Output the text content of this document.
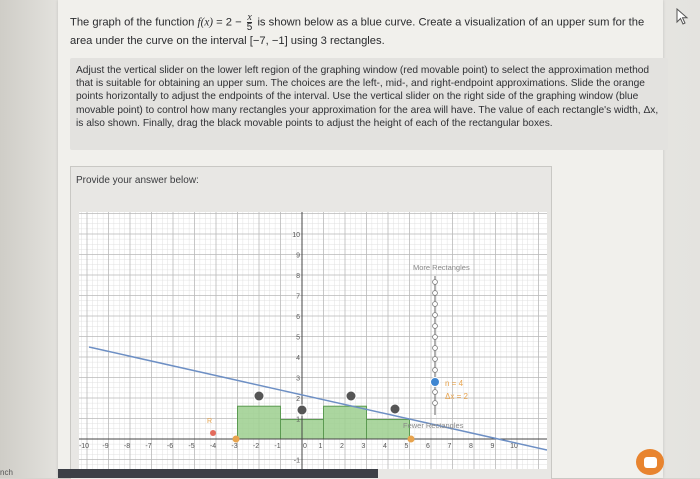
The graph of the function $f(x) = 2 - \frac{x}{5}$ is shown below as a blue curve. Create a visualization of an upper sum for the
area under the curve on the interval [−7, −1] using 3 rectangles.

Adjust the vertical slider on the lower left region of the graphing window (red movable point) to select the approximation method that is suitable for obtaining an upper sum. The choices are the left-, mid-, and right-endpoint approximations. Slide the orange points horizontally to adjust the endpoints of the interval. Use the vertical slider on the right side of the graphing window (blue movable point) to control how many rectangles your approximation for the area will have. The value of each rectangle's width, Δx, is also shown. Finally, drag the black movable points to adjust the height of each of the rectangular boxes.

Provide your answer below:
-10 -9 -8 -7 -6 -5 -4 -3 -2 -1	0 1	2	3	4	5	6	7	8	9 10
10
9
8
7
6
5
4
3
2
1
-1
More Rectangles
n = 4
Δx = 2
Fewer Rectangles
R
nch
